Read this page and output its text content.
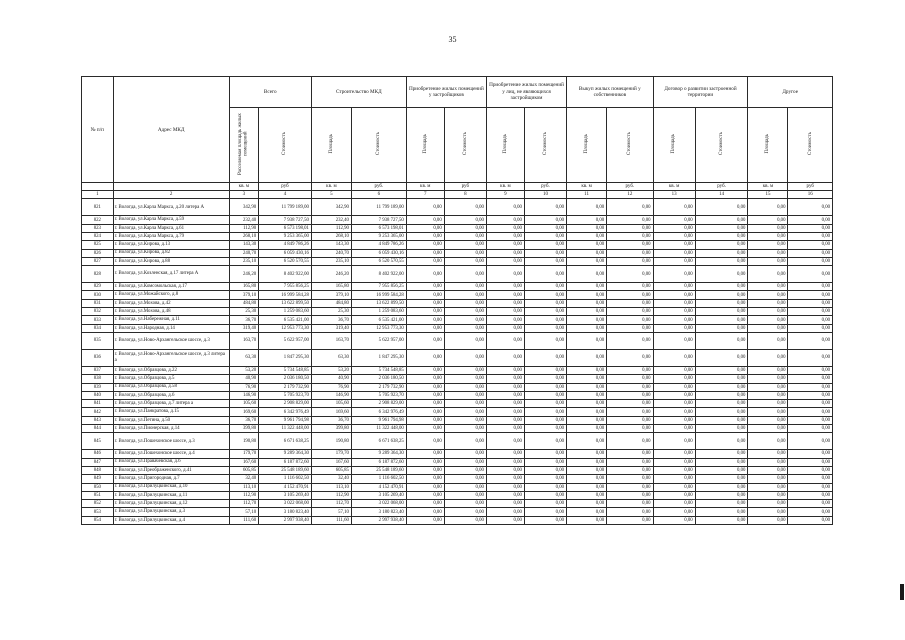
35
№ п/п	Адрес МКД	Всего		Строительство МКД		Приобретение жилых помещений у застройщиков		Приобретение жилых помещений у лиц, не являющихся застройщиком		Выкуп жилых помещений у собственников		Договор о развитии застроенной территории		Другое	
		Расселяемая площадь жилых помещений	Стоимость	Площадь	Стоимость	Площадь	Стоимость	Площадь	Стоимость	Площадь	Стоимость	Площадь	Стоимость	Площадь	Стоимость
		кв. м	руб	кв. м	руб.	кв. м	руб	кв. м	руб.	кв. м	руб.	кв. м	руб.	кв. м	руб
1	2	3	4	5	6	7	8	9	10	11	12	13	14	15	16
821	г. Вологда, ул.Карла Маркса, д.20 литера А	342,90	11 799 189,00	342,90	11 799 189,00	0,00	0,00	0,00	0,00	0,00	0,00	0,00	0,00	0,00	0,00
822	г. Вологда, ул.Карла Маркса, д.59	232,40	7 938 727,50	232,40	7 938 727,50	0,00	0,00	0,00	0,00	0,00	0,00	0,00	0,00	0,00	0,00
823	г. Вологда, ул.Карла Маркса, д.61	112,90	6 573 198,01	112,90	6 573 198,01	0,00	0,00	0,00	0,00	0,00	0,00	0,00	0,00	0,00	0,00
824	г. Вологда, ул.Карла Маркса, д.79	268,10	9 253 365,00	268,10	9 253 365,00	0,00	0,00	0,00	0,00	0,00	0,00	0,00	0,00	0,00	0,00
825	г. Вологда, ул.Кирова, д.13	143,30	4 849 786,26	143,30	4 849 786,26	0,00	0,00	0,00	0,00	0,00	0,00	0,00	0,00	0,00	0,00
826	г. Вологда, ул.Кирова, д.82	240,70	6 059 430,16	240,70	6 059 430,16	0,00	0,00	0,00	0,00	0,00	0,00	0,00	0,00	0,00	0,00
827	г. Вологда, ул.Кирова, д.88	235,10	6 520 570,55	235,10	6 520 570,55	0,00	0,00	0,00	0,00	0,00	0,00	0,00	0,00	0,00	0,00
828	г. Вологда, ул.Козленская, д.17 литера А	246,20	8 402 922,00	246,20	8 402 922,00	0,00	0,00	0,00	0,00	0,00	0,00	0,00	0,00	0,00	0,00
829	г. Вологда, ул.Комсомольская, д.17	165,80	7 955 856,25	165,80	7 955 856,25	0,00	0,00	0,00	0,00	0,00	0,00	0,00	0,00	0,00	0,00
830	г. Вологда, ул.Можайского, д.8	379,10	16 999 584,28	379,10	16 999 584,28	0,00	0,00	0,00	0,00	0,00	0,00	0,00	0,00	0,00	0,00
831	г. Вологда, ул.Мохова, д.42	484,80	13 622 899,50	484,80	13 622 899,50	0,00	0,00	0,00	0,00	0,00	0,00	0,00	0,00	0,00	0,00
832	г. Вологда, ул.Мохова, д.48	25,30	1 259 083,60	25,30	1 259 083,60	0,00	0,00	0,00	0,00	0,00	0,00	0,00	0,00	0,00	0,00
833	г. Вологда, ул.Набережная, д.11	36,70	6 535 421,00	36,70	6 535 421,00	0,00	0,00	0,00	0,00	0,00	0,00	0,00	0,00	0,00	0,00
834	г. Вологда, ул.Народная, д.14	319,40	12 953 773,30	319,40	12 953 773,30	0,00	0,00	0,00	0,00	0,00	0,00	0,00	0,00	0,00	0,00
835	г. Вологда, ул.Ново-Архангельское шоссе, д.3	163,70	5 622 957,00	163,70	5 622 957,00	0,00	0,00	0,00	0,00	0,00	0,00	0,00	0,00	0,00	0,00
836	г. Вологда, ул.Ново-Архангельское шоссе, д.3 литера а	63,30	1 847 295,30	63,30	1 847 295,30	0,00	0,00	0,00	0,00	0,00	0,00	0,00	0,00	0,00	0,00
837	г. Вологда, ул.Образцова, д.22	53,20	5 734 548,85	53,20	5 734 548,85	0,00	0,00	0,00	0,00	0,00	0,00	0,00	0,00	0,00	0,00
838	г. Вологда, ул.Образцова, д.5	40,90	2 036 180,50	40,90	2 036 180,50	0,00	0,00	0,00	0,00	0,00	0,00	0,00	0,00	0,00	0,00
839	г. Вологда, ул.Образцова, д.58	76,90	2 179 732,90	76,90	2 179 732,90	0,00	0,00	0,00	0,00	0,00	0,00	0,00	0,00	0,00	0,00
840	г. Вологда, ул.Образцова, д.6	146,90	5 705 923,70	146,90	5 705 923,70	0,00	0,00	0,00	0,00	0,00	0,00	0,00	0,00	0,00	0,00
841	г. Вологда, ул.Образцова, д.7 литера а	105,60	2 908 829,00	105,60	2 908 829,00	0,00	0,00	0,00	0,00	0,00	0,00	0,00	0,00	0,00	0,00
842	г. Вологда, ул.Панкратова, д.15	169,60	6 342 976,49	169,60	6 342 976,49	0,00	0,00	0,00	0,00	0,00	0,00	0,00	0,00	0,00	0,00
843	г. Вологда, ул.Петина, д.50	36,70	9 961 794,98	36,70	9 961 794,98	0,00	0,00	0,00	0,00	0,00	0,00	0,00	0,00	0,00	0,00
844	г. Вологда, ул.Пионерская, д.14	399,80	11 322 448,00	399,80	11 322 448,00	0,00	0,00	0,00	0,00	0,00	0,00	0,00	0,00	0,00	0,00
845	г. Вологда, ул.Пошехонское шоссе, д.3	190,80	6 671 638,25	190,80	6 671 638,25	0,00	0,00	0,00	0,00	0,00	0,00	0,00	0,00	0,00	0,00
846	г. Вологда, ул.Пошехонское шоссе, д.4	179,70	9 289 364,30	179,70	9 289 364,30	0,00	0,00	0,00	0,00	0,00	0,00	0,00	0,00	0,00	0,00
847	г. Вологда, ул.Правачевская, д.6	167,60	6 187 872,60	167,60	6 187 872,60	0,00	0,00	0,00	0,00	0,00	0,00	0,00	0,00	0,00	0,00
848	г. Вологда, ул.Преображенского, д.41	605,85	25 548 189,60	605,85	25 548 189,60	0,00	0,00	0,00	0,00	0,00	0,00	0,00	0,00	0,00	0,00
849	г. Вологда, ул.Пригородная, д.7	32,40	1 116 602,50	32,40	1 116 602,50	0,00	0,00	0,00	0,00	0,00	0,00	0,00	0,00	0,00	0,00
850	г. Вологда, ул.Прилуцкинская, д.10	113,10	4 152 470,91	113,10	4 152 470,91	0,00	0,00	0,00	0,00	0,00	0,00	0,00	0,00	0,00	0,00
851	г. Вологда, ул.Прилуцкинская, д.11	112,90	3 105 269,40	112,90	3 105 269,40	0,00	0,00	0,00	0,00	0,00	0,00	0,00	0,00	0,00	0,00
852	г. Вологда, ул.Прилуцкинская, д.12	112,70	3 022 068,00	112,70	3 022 068,00	0,00	0,00	0,00	0,00	0,00	0,00	0,00	0,00	0,00	0,00
853	г. Вологда, ул.Прилуцкинская, д.3	57,10	3 180 823,40	57,10	3 180 823,40	0,00	0,00	0,00	0,00	0,00	0,00	0,00	0,00	0,00	0,00
854	г. Вологда, ул.Прилуцкинская, д.4	111,60	2 997 938,40	111,60	2 997 938,40	0,00	0,00	0,00	0,00	0,00	0,00	0,00	0,00	0,00	0,00
